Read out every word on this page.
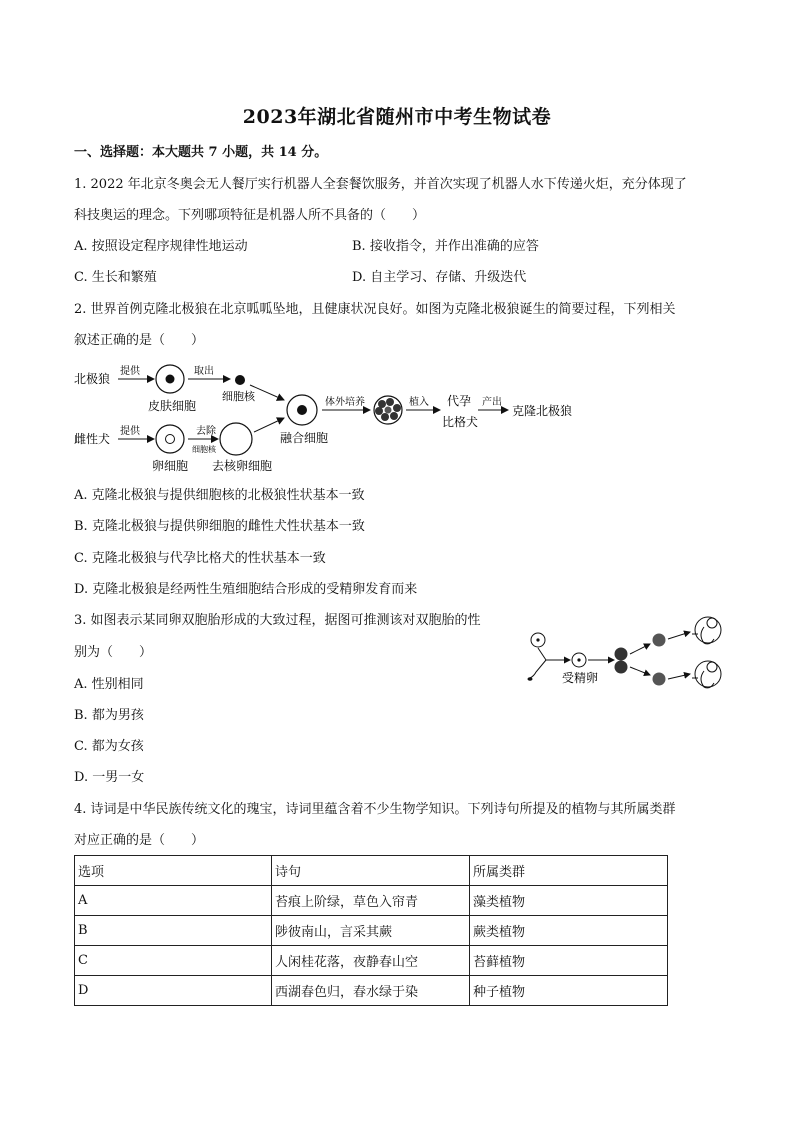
2023年湖北省随州市中考生物试卷
一、选择题：本大题共 7 小题，共 14 分。
1. 2022 年北京冬奥会无人餐厅实行机器人全套餐饮服务，并首次实现了机器人水下传递火炬，充分体现了
科技奥运的理念。下列哪项特征是机器人所不具备的（　　）
A. 按照设定程序规律性地运动	B. 接收指令，并作出准确的应答
C. 生长和繁殖	D. 自主学习、存储、升级迭代
2. 世界首例克隆北极狼在北京呱呱坠地，且健康状况良好。如图为克隆北极狼诞生的简要过程，下列相关
叙述正确的是（　　）
北极狼
提供
皮肤细胞
取出
细胞核
雌性犬
提供
卵细胞
去除
细胞核
去核卵细胞
融合细胞
体外培养	植入 代孕
比格犬
产出
克隆北极狼
A. 克隆北极狼与提供细胞核的北极狼性状基本一致
B. 克隆北极狼与提供卵细胞的雌性犬性状基本一致
C. 克隆北极狼与代孕比格犬的性状基本一致
D. 克隆北极狼是经两性生殖细胞结合形成的受精卵发育而来
3. 如图表示某同卵双胞胎形成的大致过程，据图可推测该对双胞胎的性
别为（　　）
A. 性别相同
B. 都为男孩
C. 都为女孩
D. 一男一女
受精卵
4. 诗词是中华民族传统文化的瑰宝，诗词里蕴含着不少生物学知识。下列诗句所提及的植物与其所属类群
对应正确的是（　　）
选项	诗句	所属类群
A	苔痕上阶绿，草色入帘青	藻类植物
B	陟彼南山，言采其蕨	蕨类植物
C	人闲桂花落，夜静春山空	苔藓植物
D	西湖春色归，春水绿于染	种子植物
